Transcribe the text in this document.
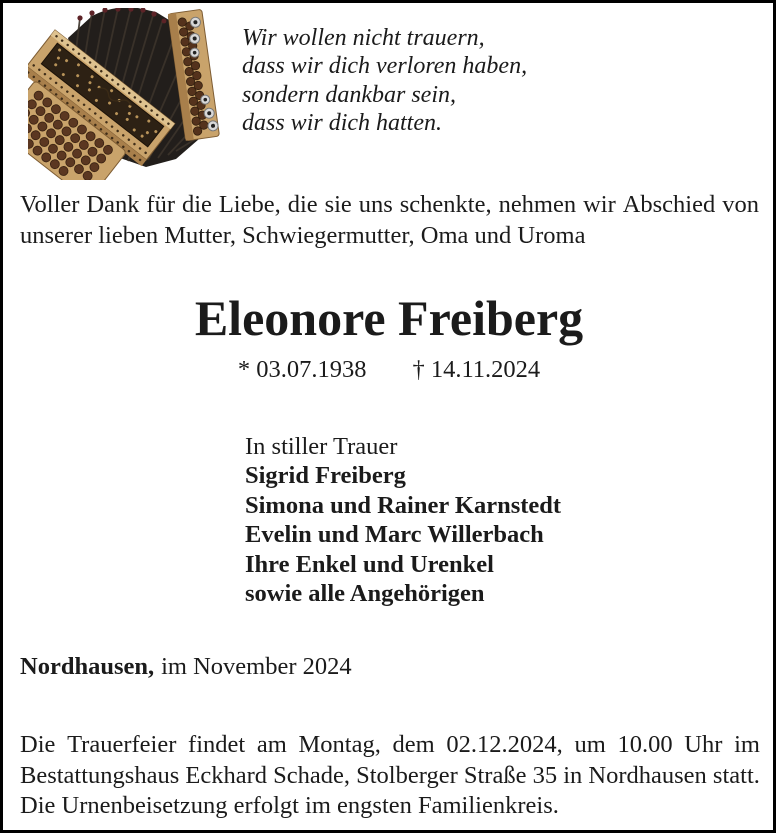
Wir wollen nicht trauern,
dass wir dich verloren haben,
sondern dankbar sein,
dass wir dich hatten.
Voller Dank für die Liebe, die sie uns schenkte, nehmen wir Abschied von
unserer lieben Mutter, Schwiegermutter, Oma und Uroma
Eleonore Freiberg
* 03.07.1938 † 14.11.2024
In stiller Trauer
Sigrid Freiberg
Simona und Rainer Karnstedt
Evelin und Marc Willerbach
Ihre Enkel und Urenkel
sowie alle Angehörigen
Nordhausen, im November 2024
Die Trauerfeier findet am Montag, dem 02.12.2024, um 10.00 Uhr im
Bestattungshaus Eckhard Schade, Stolberger Straße 35 in Nordhausen statt.
Die Urnenbeisetzung erfolgt im engsten Familienkreis.
